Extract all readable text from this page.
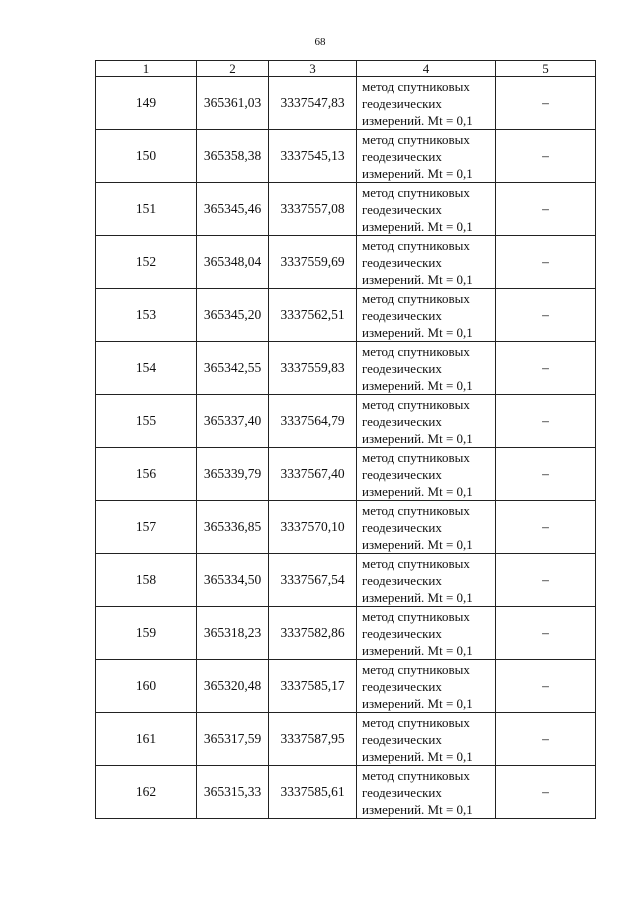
68
1	2	3	4	5
149	365361,03	3337547,83	метод спутниковых
геодезических
измерений. Mt = 0,1	–
150	365358,38	3337545,13	метод спутниковых
геодезических
измерений. Mt = 0,1	–
151	365345,46	3337557,08	метод спутниковых
геодезических
измерений. Mt = 0,1	–
152	365348,04	3337559,69	метод спутниковых
геодезических
измерений. Mt = 0,1	–
153	365345,20	3337562,51	метод спутниковых
геодезических
измерений. Mt = 0,1	–
154	365342,55	3337559,83	метод спутниковых
геодезических
измерений. Mt = 0,1	–
155	365337,40	3337564,79	метод спутниковых
геодезических
измерений. Mt = 0,1	–
156	365339,79	3337567,40	метод спутниковых
геодезических
измерений. Mt = 0,1	–
157	365336,85	3337570,10	метод спутниковых
геодезических
измерений. Mt = 0,1	–
158	365334,50	3337567,54	метод спутниковых
геодезических
измерений. Mt = 0,1	–
159	365318,23	3337582,86	метод спутниковых
геодезических
измерений. Mt = 0,1	–
160	365320,48	3337585,17	метод спутниковых
геодезических
измерений. Mt = 0,1	–
161	365317,59	3337587,95	метод спутниковых
геодезических
измерений. Mt = 0,1	–
162	365315,33	3337585,61	метод спутниковых
геодезических
измерений. Mt = 0,1	–
